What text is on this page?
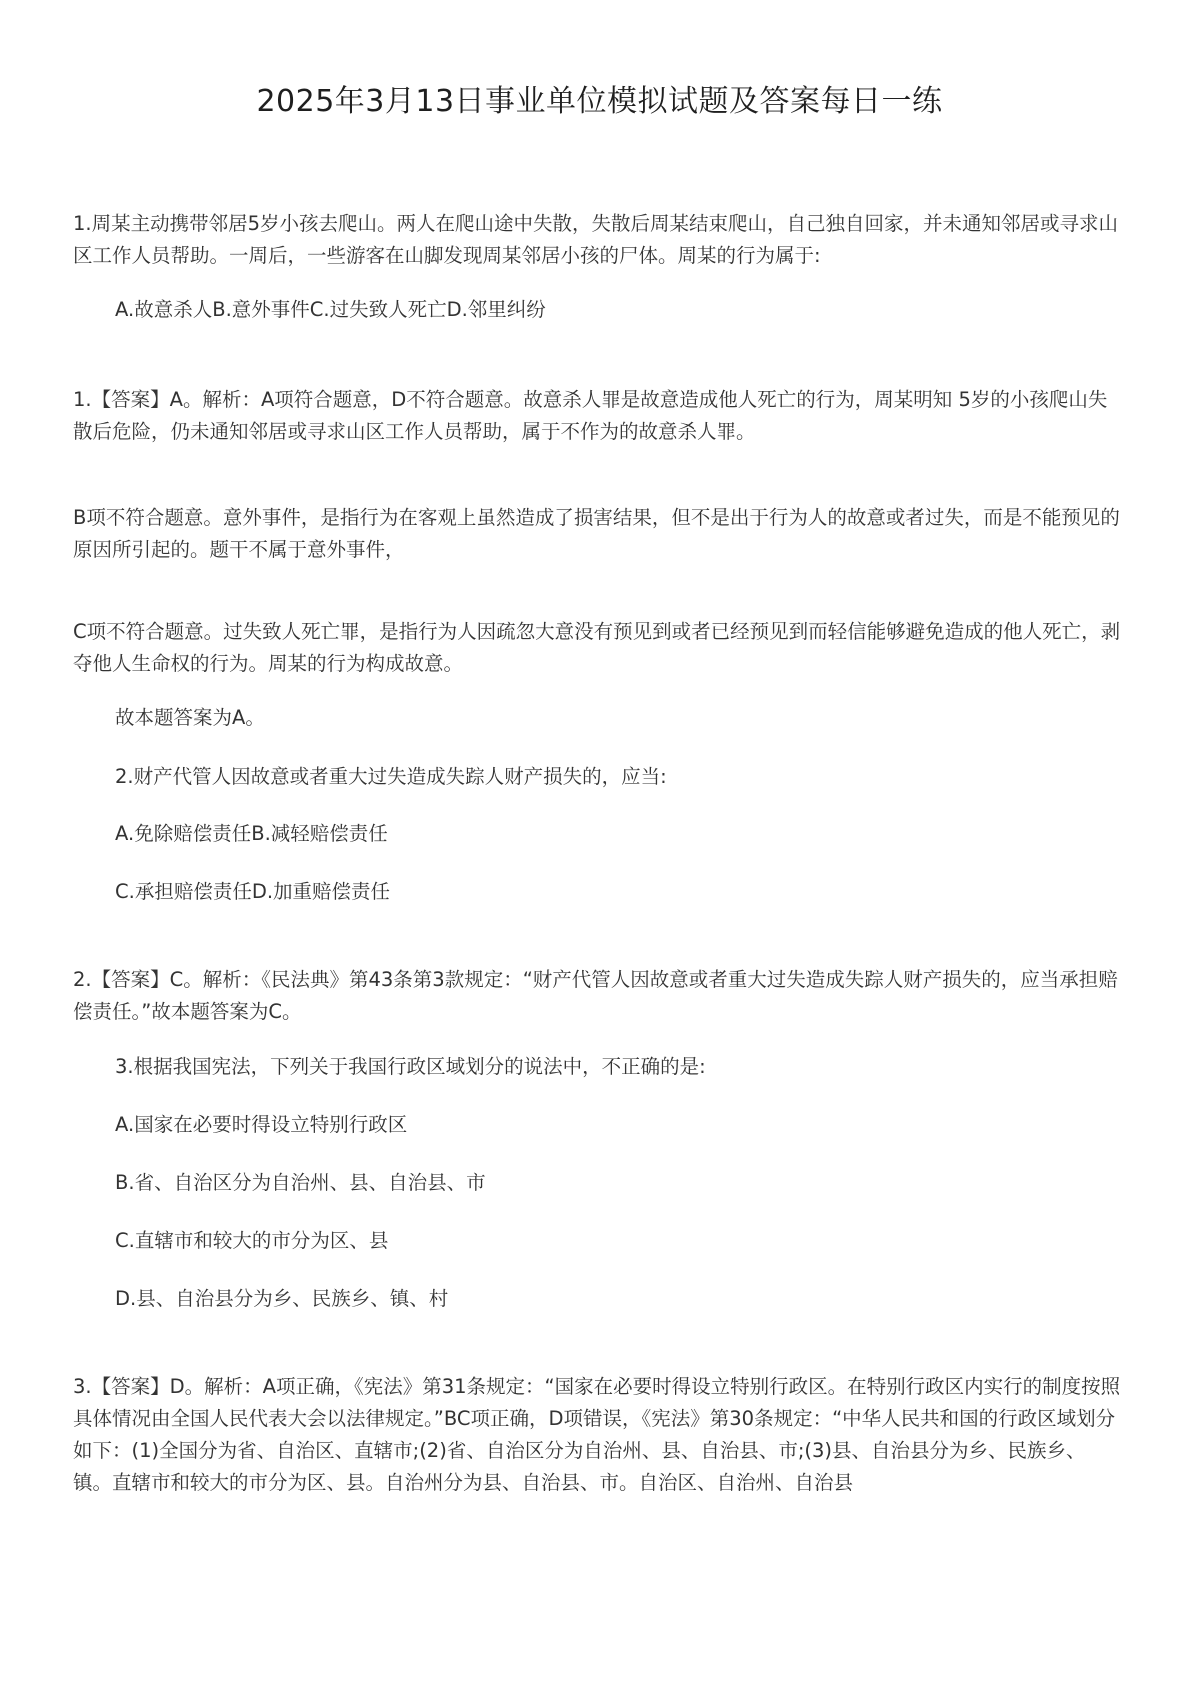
2025年3月13日事业单位模拟试题及答案每日一练
1.周某主动携带邻居5岁小孩去爬山。两人在爬山途中失散，失散后周某结束爬山，自己独自回家，并未通知邻居或寻求山区工作人员帮助。一周后，一些游客在山脚发现周某邻居小孩的尸体。周某的行为属于:
A.故意杀人B.意外事件C.过失致人死亡D.邻里纠纷
1.【答案】A。解析：A项符合题意，D不符合题意。故意杀人罪是故意造成他人死亡的行为，周某明知 5岁的小孩爬山失散后危险，仍未通知邻居或寻求山区工作人员帮助，属于不作为的故意杀人罪。
B项不符合题意。意外事件，是指行为在客观上虽然造成了损害结果，但不是出于行为人的故意或者过失，而是不能预见的原因所引起的。题干不属于意外事件，
C项不符合题意。过失致人死亡罪，是指行为人因疏忽大意没有预见到或者已经预见到而轻信能够避免造成的他人死亡，剥夺他人生命权的行为。周某的行为构成故意。
故本题答案为A。
2.财产代管人因故意或者重大过失造成失踪人财产损失的，应当:
A.免除赔偿责任B.减轻赔偿责任
C.承担赔偿责任D.加重赔偿责任
2.【答案】C。解析：《民法典》第43条第3款规定：“财产代管人因故意或者重大过失造成失踪人财产损失的，应当承担赔偿责任。”故本题答案为C。
3.根据我国宪法，下列关于我国行政区域划分的说法中，不正确的是:
A.国家在必要时得设立特别行政区
B.省、自治区分为自治州、县、自治县、市
C.直辖市和较大的市分为区、县
D.县、自治县分为乡、民族乡、镇、村
3.【答案】D。解析：A项正确，《宪法》第31条规定：“国家在必要时得设立特别行政区。在特别行政区内实行的制度按照具体情况由全国人民代表大会以法律规定。”BC项正确，D项错误，《宪法》第30条规定：“中华人民共和国的行政区域划分如下：(1)全国分为省、自治区、直辖市;(2)省、自治区分为自治州、县、自治县、市;(3)县、自治县分为乡、民族乡、镇。直辖市和较大的市分为区、县。自治州分为县、自治县、市。自治区、自治州、自治县
